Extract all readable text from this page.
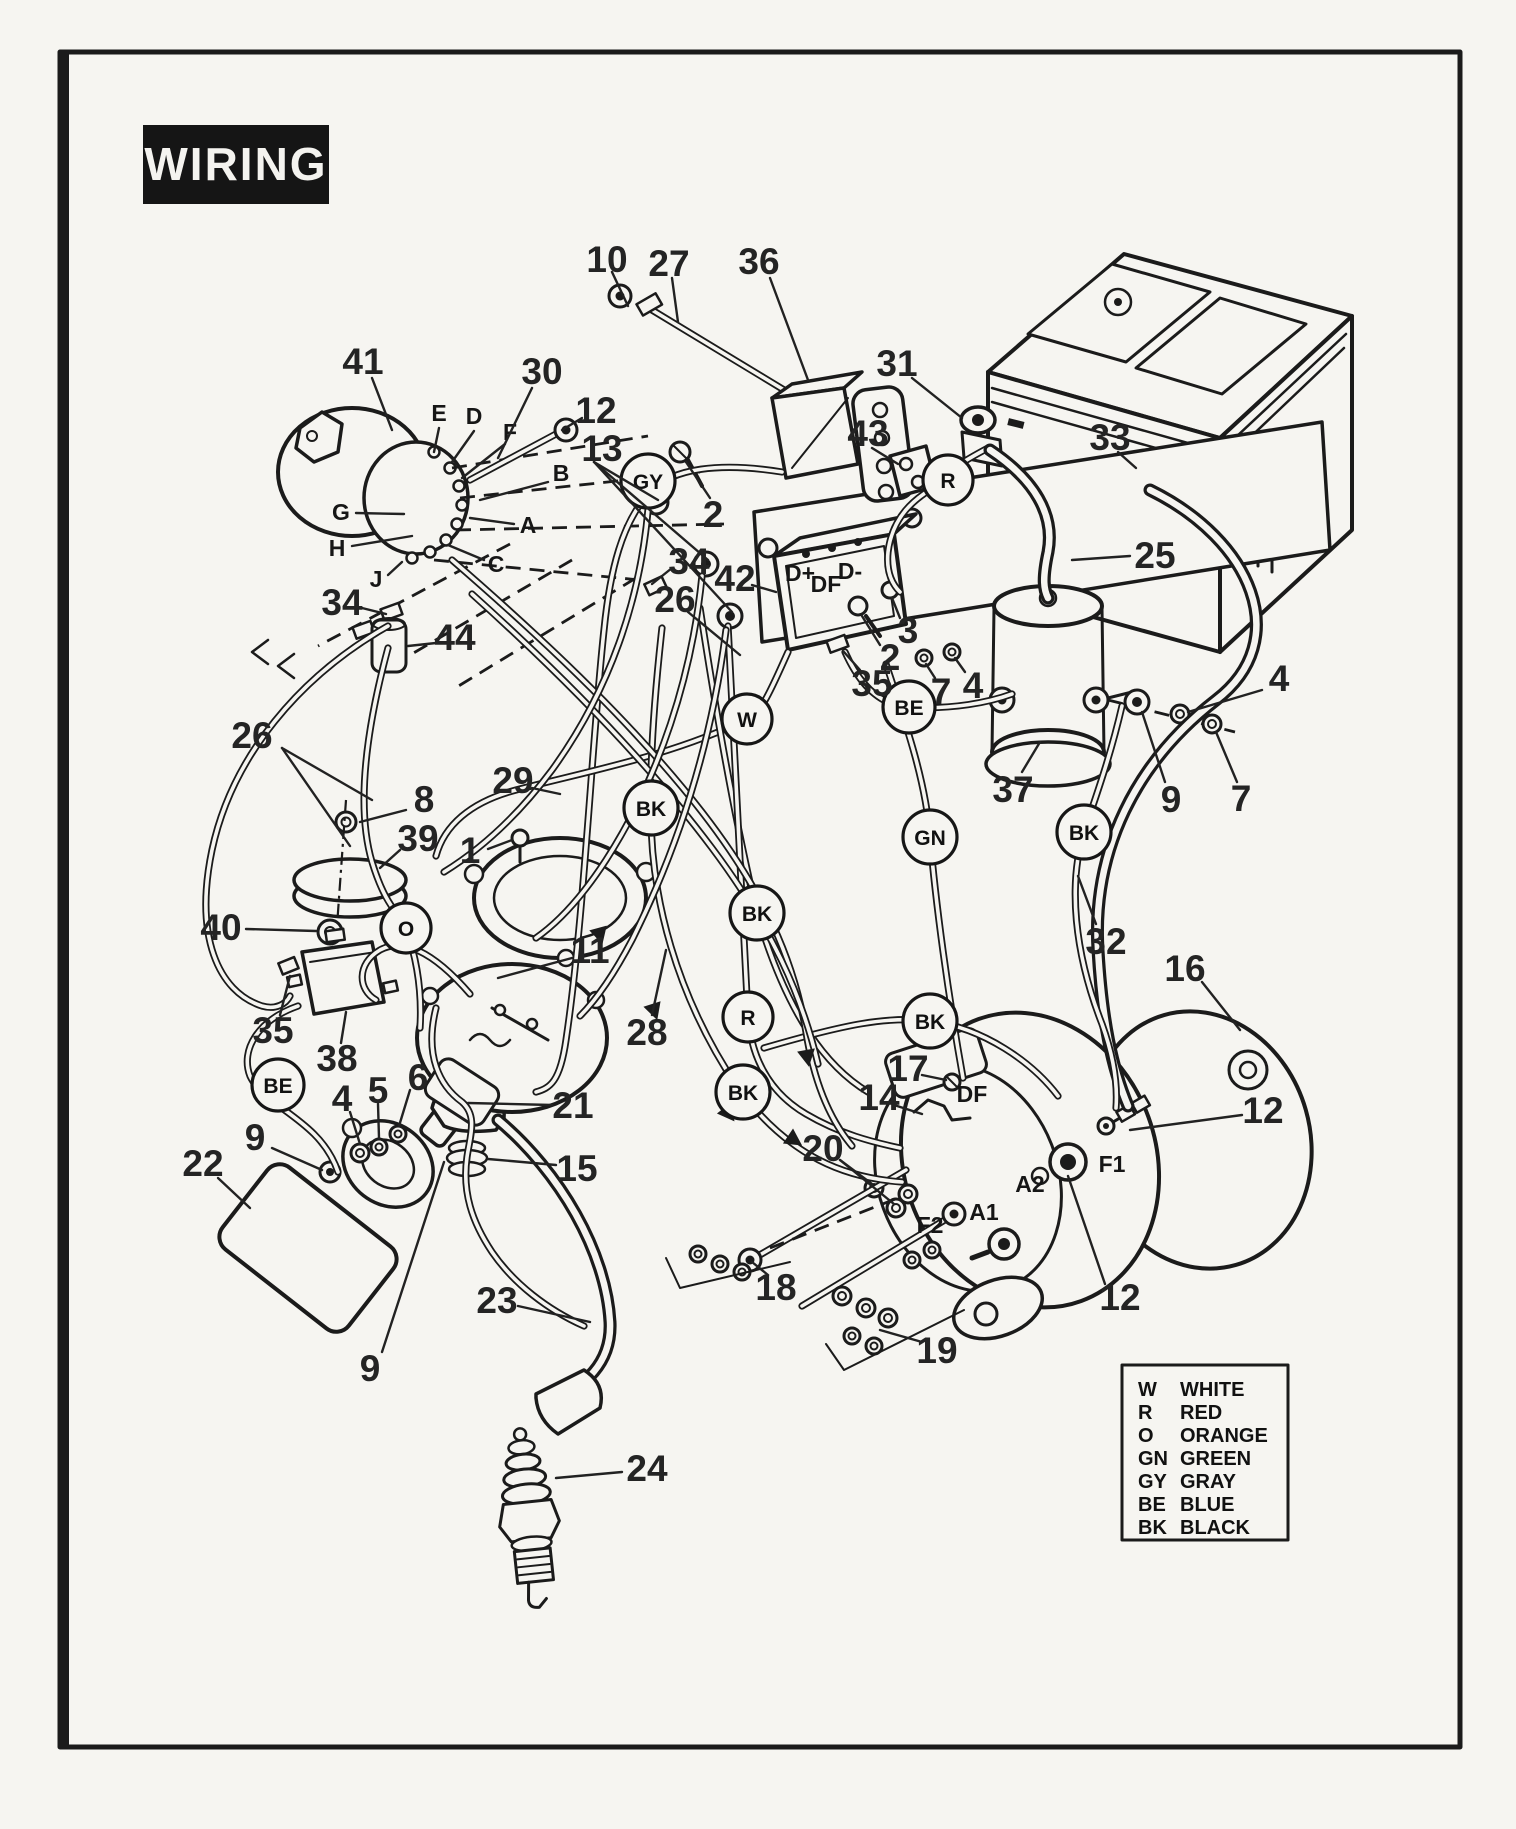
WIRING
GY	R
W
BE
GN	BK
BK
BK
R	BK
BK
O
BE
E D
F
B
A
G
H
C
J	D+
DF
D-
DF
F1
A2
A1
F2
10 27 36
31
43	33
25
2
41	30
12
13
34
44
34 42
26
2
3
35 7 4
26
29
8
39 1
40
11
35
38
4 5 6
21
15
22
9
9
23
24
28
37	9 7
4
32
16
17
14
20
18
19
12
12
W WHITE
R RED
O ORANGE
GN GREEN
GY GRAY
BE BLUE
BK BLACK
